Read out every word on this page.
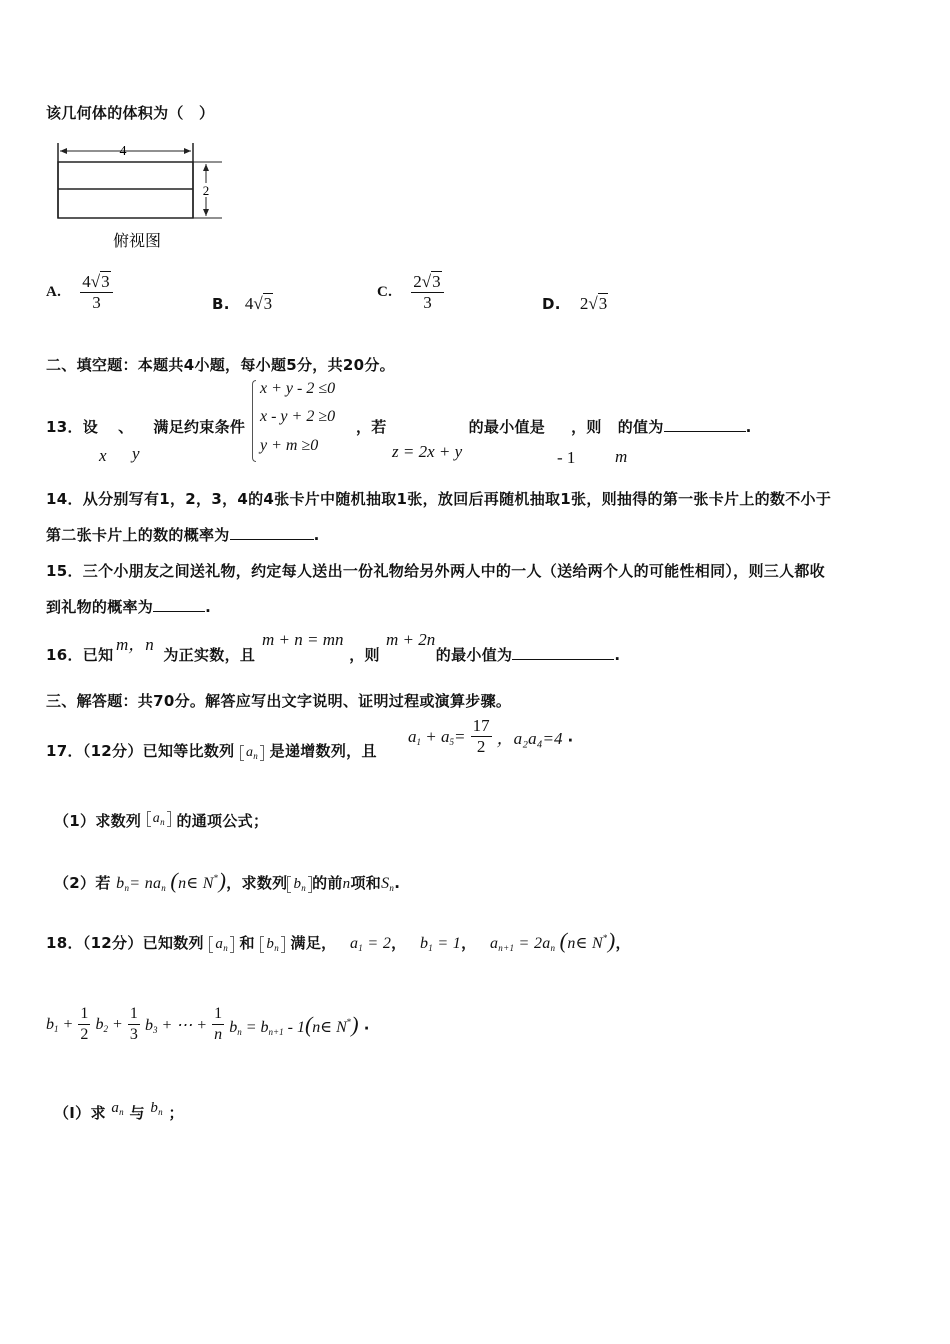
该几何体的体积为（　）
4
2
俯视图
A. $\frac{4√3}{3}$	B. 4√3
C. $\frac{2√3}{3}$	D. 2√3
二、填空题：本题共4小题，每小题5分，共20分。
x + y - 2 ≤0
x - y + 2 ≥0
y + m ≥0
13．设 、 满足约束条件	，若	的最小值是 ，则 的值为	.
x y	z = 2x + y	- 1 m
14．从分别写有1，2，3，4的4张卡片中随机抽取1张，放回后再随机抽取1张，则抽得的第一张卡片上的数不小于
第二张卡片上的数的概率为	.
15．三个小朋友之间送礼物，约定每人送出一份礼物给另外两人中的一人（送给两个人的可能性相同），则三人都收
到礼物的概率为	.
16．已知	为正实数，且	，则	的最小值为	.
m，n	m + n = mn	m + 2n
三、解答题：共70分。解答应写出文字说明、证明过程或演算步骤。
17．（12分）已知等比数列 $a_n$ 是递增数列，且
$a_1 + a_5= \frac{17}{2}$ ，a₂a₄=4 .
（1）求数列 $a_n$ 的通项公式；
（2）若 $b_n= na_n$ (n∈ N*)，求数列 $b_n$ 的前n项和$S_n$.
18．（12分）已知数列 $a_n$ 和 $b_n$ 满足， $a_1 = 2$， $b_1 = 1$， $a_{n+1} = 2a_n$ (n∈ N*)，
$b_1 + \frac{1}{2} b_2 + \frac{1}{3} b_3$ + ⋯ + $\frac{1}{n} b_n = b_{n+1}$ - 1(n∈ N*) .
（Ⅰ）求 $a_n$ 与 $b_n$ ；
